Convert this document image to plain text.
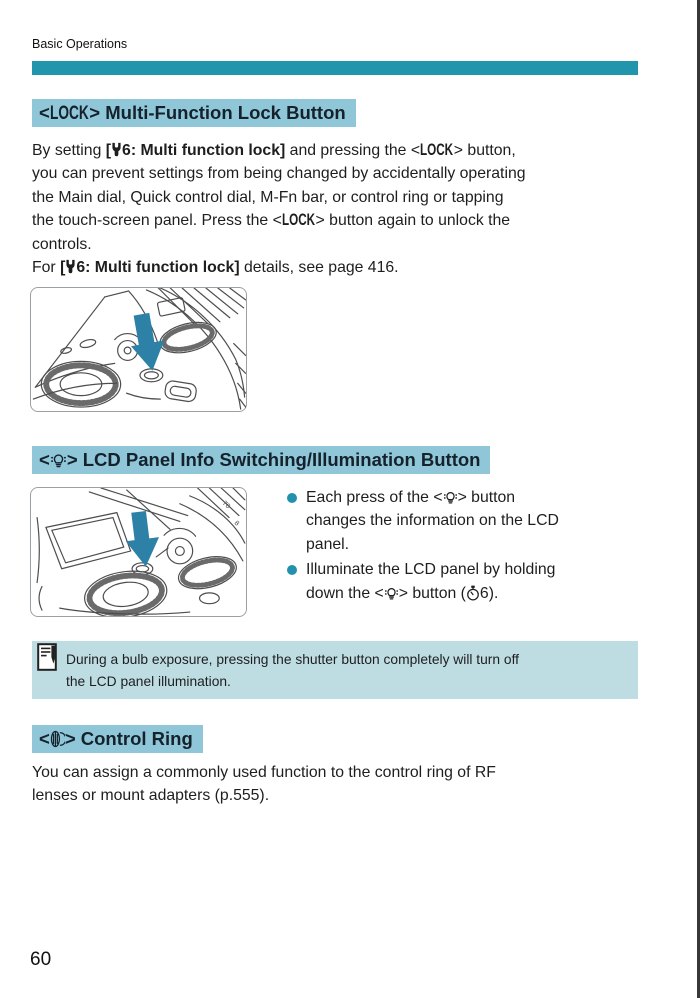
Basic Operations
<LOCK> Multi-Function Lock Button
By setting [ 6: Multi function lock] and pressing the <LOCK> button,
you can prevent settings from being changed by accidentally operating
the Main dial, Quick control dial, M-Fn bar, or control ring or tapping
the touch-screen panel. Press the <LOCK> button again to unlock the
controls.
For [ 6: Multi function lock] details, see page 416.
< > LCD Panel Info Switching/Illumination Button
70
8
Each press of the < > button
changes the information on the LCD
panel.
Illuminate the LCD panel by holding
down the < > button ( 6).
During a bulb exposure, pressing the shutter button completely will turn off
the LCD panel illumination.
< > Control Ring
You can assign a commonly used function to the control ring of RF
lenses or mount adapters (p.555).
60
